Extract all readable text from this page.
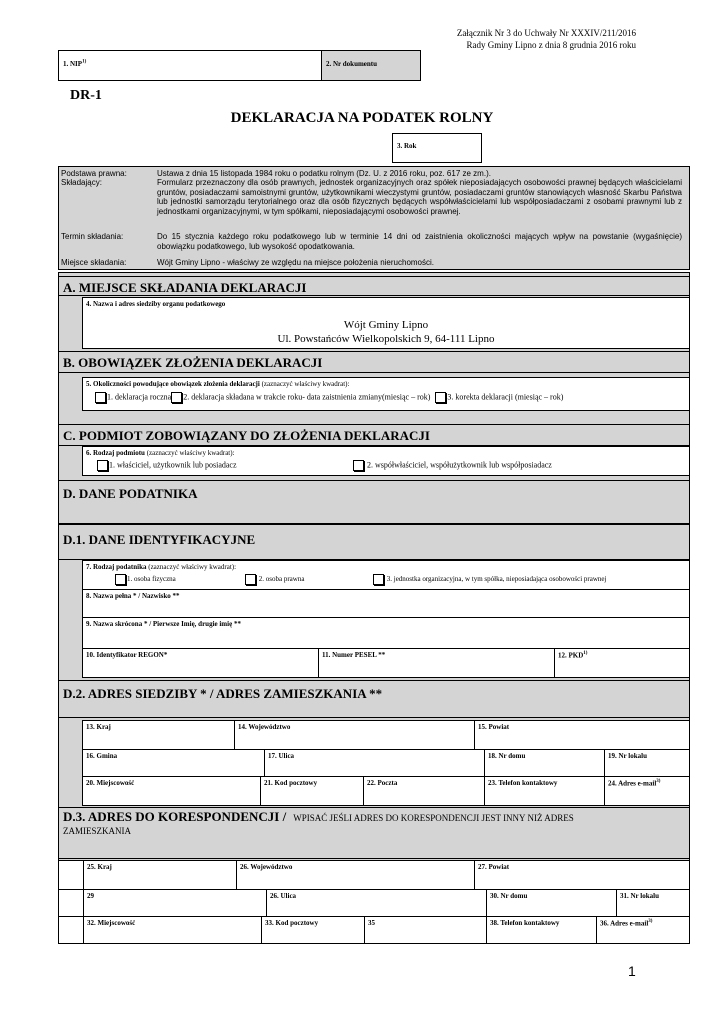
Załącznik Nr 3 do Uchwały Nr XXXIV/211/2016
Rady Gminy Lipno z dnia 8 grudnia 2016 roku
1. NIP$^{1)}$	2. Nr dokumentu
DR-1
DEKLARACJA NA PODATEK ROLNY
3. Rok
Podstawa prawna:	Ustawa z dnia 15 listopada 1984 roku o podatku rolnym (Dz. U. z 2016 roku, poz. 617 ze zm.).
Składający:	Formularz przeznaczony dla osób prawnych, jednostek organizacyjnych oraz spółek nieposiadających osobowości prawnej będących właścicielami gruntów, posiadaczami samoistnymi gruntów, użytkownikami wieczystymi gruntów, posiadaczami gruntów stanowiących własność Skarbu Państwa lub jednostki samorządu terytorialnego oraz dla osób fizycznych będących współwłaścicielami lub współposiadaczami z osobami prawnymi lub z jednostkami organizacyjnymi, w tym spółkami, nieposiadającymi osobowości prawnej.
Termin składania:	Do 15 stycznia każdego roku podatkowego lub w terminie 14 dni od zaistnienia okoliczności mających wpływ na powstanie (wygaśnięcie) obowiązku podatkowego, lub wysokość opodatkowania.
Miejsce składania:	Wójt Gminy Lipno - właściwy ze względu na miejsce położenia nieruchomości.
A. MIEJSCE SKŁADANIA DEKLARACJI
4. Nazwa i adres siedziby organu podatkowego
Wójt Gminy Lipno
Ul. Powstańców Wielkopolskich 9, 64-111 Lipno
B. OBOWIĄZEK ZŁOŻENIA DEKLARACJI
5. Okoliczności powodujące obowiązek złożenia deklaracji (zaznaczyć właściwy kwadrat):
1. deklaracja roczna 2. deklaracja składana w trakcie roku- data zaistnienia zmiany(miesiąc – rok) 3. korekta deklaracji (miesiąc – rok)
C. PODMIOT ZOBOWIĄZANY DO ZŁOŻENIA DEKLARACJI
6. Rodzaj podmiotu (zaznaczyć właściwy kwadrat):
1. właściciel, użytkownik lub posiadacz	2. współwłaściciel, współużytkownik lub współposiadacz
D. DANE PODATNIKA
D.1. DANE IDENTYFIKACYJNE
7. Rodzaj podatnika (zaznaczyć właściwy kwadrat):
1. osoba fizyczna	2. osoba prawna	3. jednostka organizacyjna, w tym spółka, nieposiadająca osobowości prawnej
8. Nazwa pełna * / Nazwisko **
9. Nazwa skrócona * / Pierwsze Imię, drugie imię **
10. Identyfikator REGON*	11. Numer PESEL **	12. PKD$^{1)}$
D.2. ADRES SIEDZIBY * / ADRES ZAMIESZKANIA **
13. Kraj	14. Województwo	15. Powiat
16. Gmina	17. Ulica	18. Nr domu	19. Nr lokalu
20. Miejscowość	21. Kod pocztowy	22. Poczta	23. Telefon kontaktowy	24. Adres e-mail$^{3)}$
D.3. ADRES DO KORESPONDENCJI / WPISAĆ JEŚLI ADRES DO KORESPONDENCJI JEST INNY NIŻ ADRES
ZAMIESZKANIA
25. Kraj	26. Województwo	27. Powiat
29	26. Ulica	30. Nr domu	31. Nr lokalu
32. Miejscowość	33. Kod pocztowy	35	38. Telefon kontaktowy	36. Adres e-mail$^{3)}$
1
